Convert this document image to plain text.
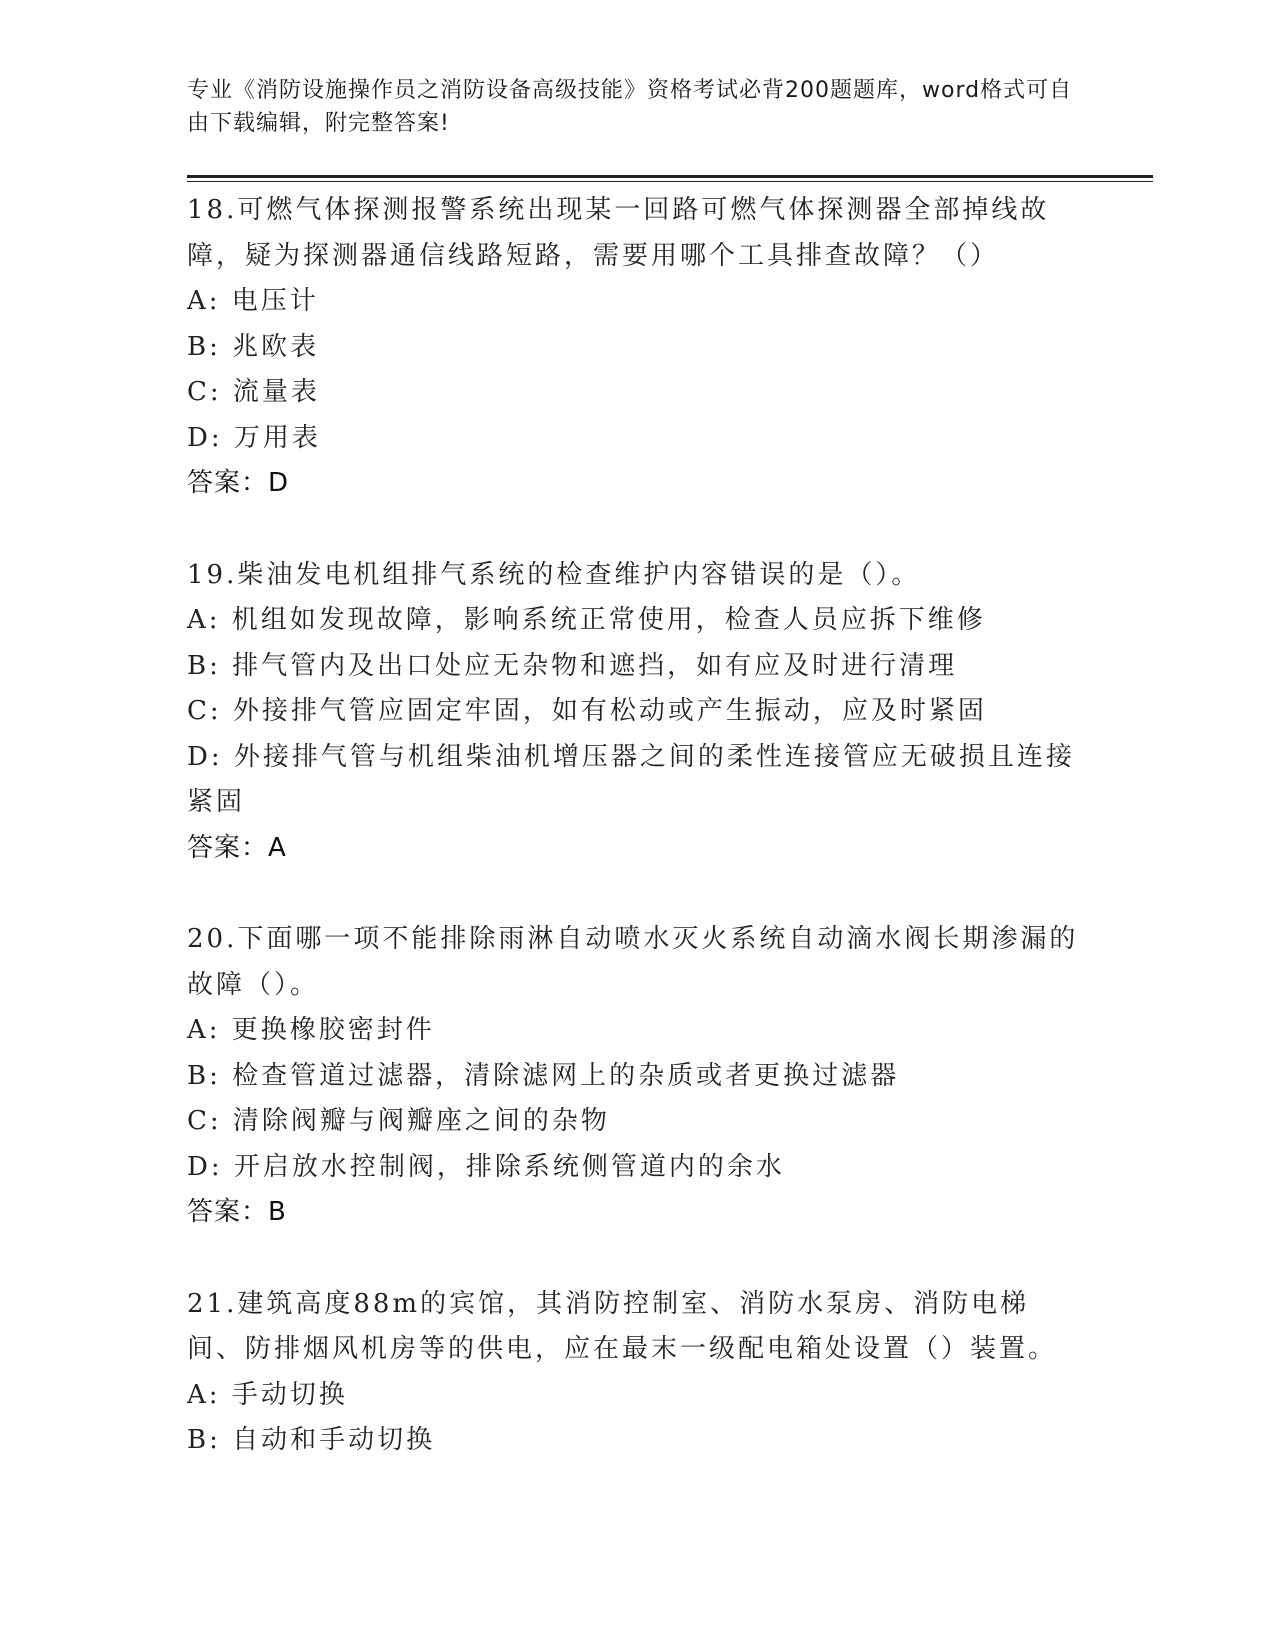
专业《消防设施操作员之消防设备高级技能》资格考试必背200题题库，word格式可自由下载编辑，附完整答案!
18.可燃气体探测报警系统出现某一回路可燃气体探测器全部掉线故障，疑为探测器通信线路短路，需要用哪个工具排查故障？（）
A: 电压计
B: 兆欧表
C: 流量表
D: 万用表
答案：D
19.柴油发电机组排气系统的检查维护内容错误的是（）。
A: 机组如发现故障，影响系统正常使用，检查人员应拆下维修
B: 排气管内及出口处应无杂物和遮挡，如有应及时进行清理
C: 外接排气管应固定牢固，如有松动或产生振动，应及时紧固
D: 外接排气管与机组柴油机增压器之间的柔性连接管应无破损且连接紧固
答案：A
20.下面哪一项不能排除雨淋自动喷水灭火系统自动滴水阀长期渗漏的故障（）。
A: 更换橡胶密封件
B: 检查管道过滤器，清除滤网上的杂质或者更换过滤器
C: 清除阀瓣与阀瓣座之间的杂物
D: 开启放水控制阀，排除系统侧管道内的余水
答案：B
21.建筑高度88m的宾馆，其消防控制室、消防水泵房、消防电梯间、防排烟风机房等的供电，应在最末一级配电箱处设置（）装置。
A: 手动切换
B: 自动和手动切换
